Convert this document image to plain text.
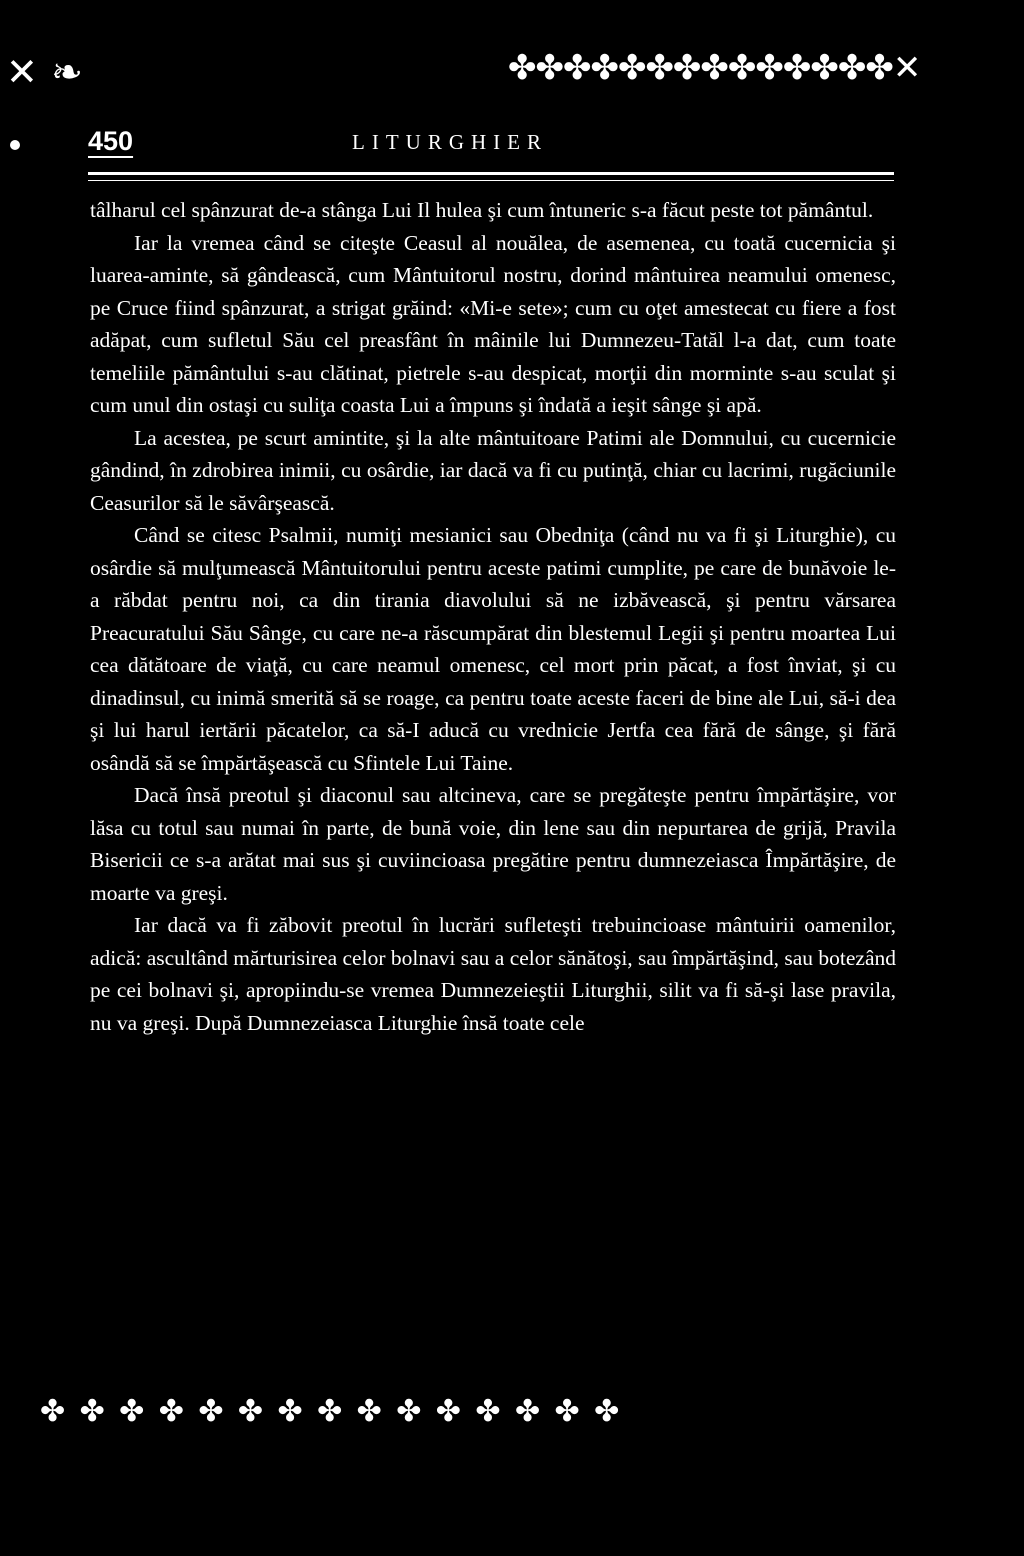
✕ ❧	✤✤✤✤✤✤✤✤✤✤✤✤✤✤✕
450	LITURGHIER

tâlharul cel spânzurat de-a stânga Lui Il hulea şi cum întuneric s-a făcut peste tot pământul.

Iar la vremea când se citeşte Ceasul al nouălea, de asemenea, cu toată cucernicia şi luarea-aminte, să gândească, cum Mântuitorul nostru, dorind mântuirea neamului omenesc, pe Cruce fiind spânzurat, a strigat grăind: «Mi-e sete»; cum cu oţet amestecat cu fiere a fost adăpat, cum sufletul Său cel preasfânt în mâinile lui Dumnezeu-Tatăl l-a dat, cum toate temeliile pământului s-au clătinat, pietrele s-au despicat, morţii din morminte s-au sculat şi cum unul din ostaşi cu suliţa coasta Lui a împuns şi îndată a ieşit sânge şi apă.

La acestea, pe scurt amintite, şi la alte mântuitoare Patimi ale Domnului, cu cucernicie gândind, în zdrobirea inimii, cu osârdie, iar dacă va fi cu putinţă, chiar cu lacrimi, rugăciunile Ceasurilor să le săvârşească.

Când se citesc Psalmii, numiţi mesianici sau Obedniţa (când nu va fi şi Liturghie), cu osârdie să mulţumească Mântuitorului pentru aceste patimi cumplite, pe care de bunăvoie le-a răbdat pentru noi, ca din tirania diavolului să ne izbăvească, şi pentru vărsarea Preacuratului Său Sânge, cu care ne-a răscumpărat din blestemul Legii şi pentru moartea Lui cea dătătoare de viaţă, cu care neamul omenesc, cel mort prin păcat, a fost înviat, şi cu dinadinsul, cu inimă smerită să se roage, ca pentru toate aceste faceri de bine ale Lui, să-i dea şi lui harul iertării păcatelor, ca să-I aducă cu vrednicie Jertfa cea fără de sânge, şi fără osândă să se împărtăşească cu Sfintele Lui Taine.

Dacă însă preotul şi diaconul sau altcineva, care se pregăteşte pentru împărtăşire, vor lăsa cu totul sau numai în parte, de bună voie, din lene sau din nepurtarea de grijă, Pravila Bisericii ce s-a arătat mai sus şi cuviincioasa pregătire pentru dumnezeiasca Împărtăşire, de moarte va greşi.

Iar dacă va fi zăbovit preotul în lucrări sufleteşti trebuincioase mântuirii oamenilor, adică: ascultând mărturisirea celor bolnavi sau a celor sănătoşi, sau împărtăşind, sau botezând pe cei bolnavi şi, apropiindu-se vremea Dumnezeieştii Liturghii, silit va fi să-şi lase pravila, nu va greşi. După Dumnezeiasca Liturghie însă toate cele

✤ ✤ ✤ ✤ ✤ ✤ ✤ ✤ ✤ ✤ ✤ ✤ ✤ ✤ ✤
